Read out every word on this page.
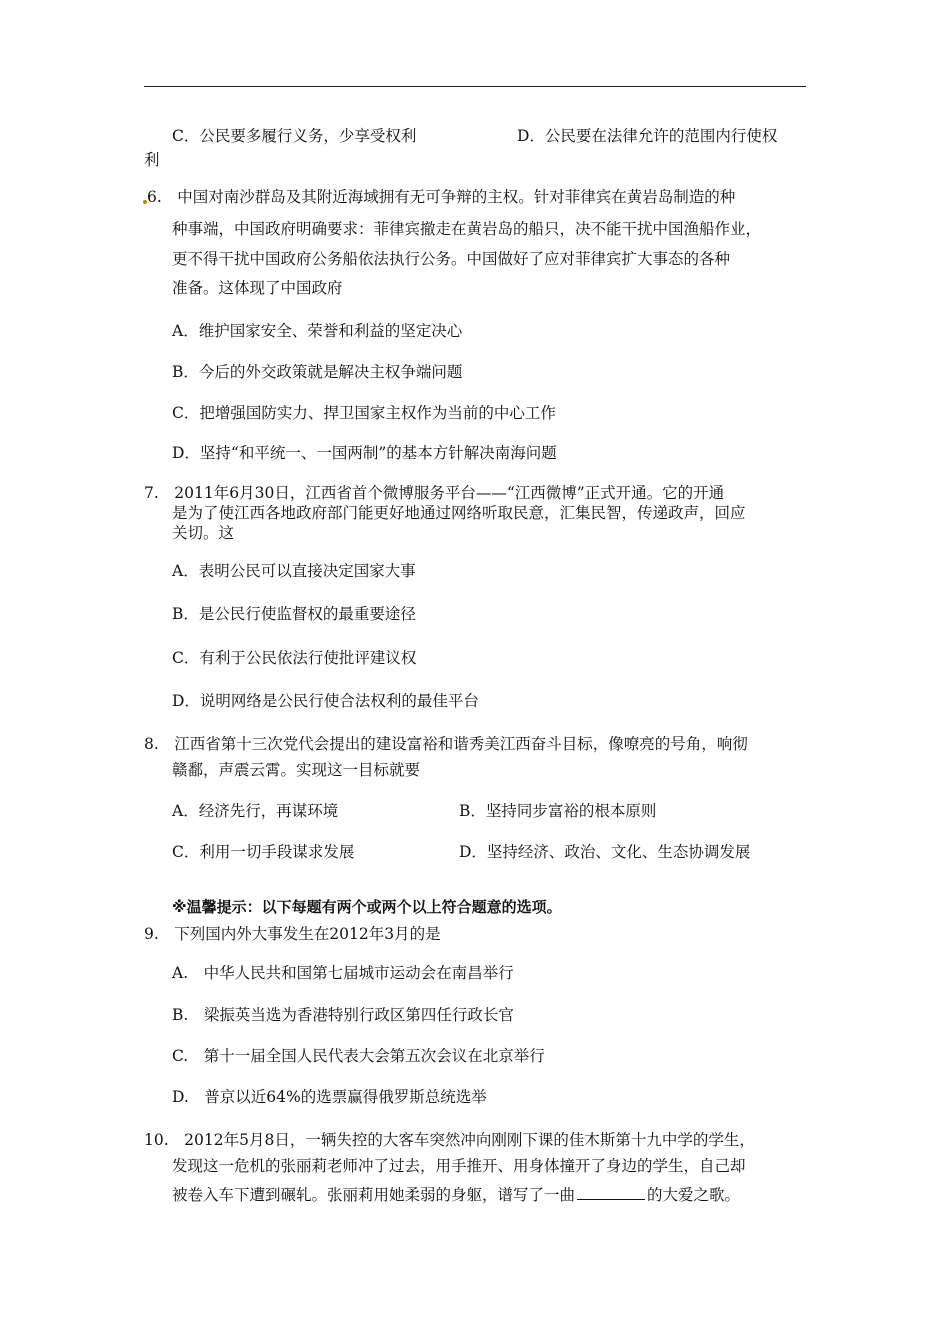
C．公民要多履行义务，少享受权利	D．公民要在法律允许的范围内行使权
利
6.　中国对南沙群岛及其附近海域拥有无可争辩的主权。针对菲律宾在黄岩岛制造的种
种事端，中国政府明确要求：菲律宾撤走在黄岩岛的船只，决不能干扰中国渔船作业，
更不得干扰中国政府公务船依法执行公务。中国做好了应对菲律宾扩大事态的各种
准备。这体现了中国政府
A．维护国家安全、荣誉和利益的坚定决心
B．今后的外交政策就是解决主权争端问题
C．把增强国防实力、捍卫国家主权作为当前的中心工作
D．坚持“和平统一、一国两制”的基本方针解决南海问题
7.　2011年6月30日，江西省首个微博服务平台——“江西微博”正式开通。它的开通
是为了使江西各地政府部门能更好地通过网络听取民意，汇集民智，传递政声，回应
关切。这
A．表明公民可以直接决定国家大事
B．是公民行使监督权的最重要途径
C．有利于公民依法行使批评建议权
D．说明网络是公民行使合法权利的最佳平台
8.　江西省第十三次党代会提出的建设富裕和谐秀美江西奋斗目标，像嘹亮的号角，响彻
赣鄱，声震云霄。实现这一目标就要
A．经济先行，再谋环境	B．坚持同步富裕的根本原则
C．利用一切手段谋求发展	D．坚持经济、政治、文化、生态协调发展
※温馨提示：以下每题有两个或两个以上符合题意的选项。
9.　下列国内外大事发生在2012年3月的是
A.　中华人民共和国第七届城市运动会在南昌举行
B.　梁振英当选为香港特别行政区第四任行政长官
C.　第十一届全国人民代表大会第五次会议在北京举行
D.　普京以近64%的选票赢得俄罗斯总统选举
10.　2012年5月8日，一辆失控的大客车突然冲向刚刚下课的佳木斯第十九中学的学生，
发现这一危机的张丽莉老师冲了过去，用手推开、用身体撞开了身边的学生，自己却
被卷入车下遭到碾轧。张丽莉用她柔弱的身躯，谱写了一曲	的大爱之歌。
